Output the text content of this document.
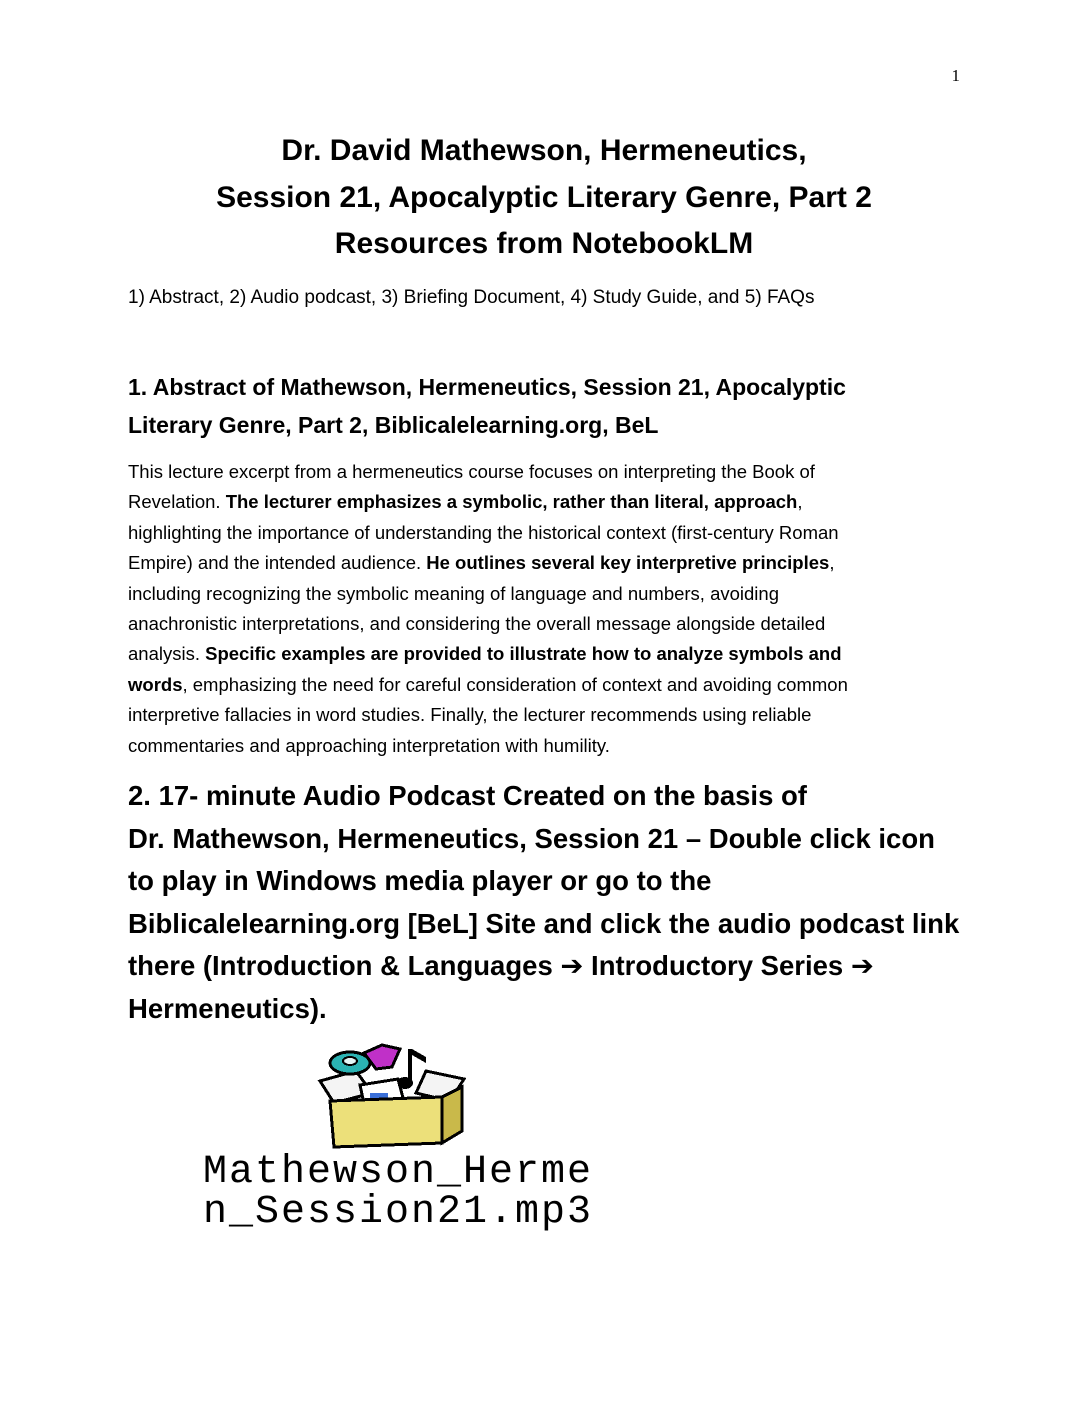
1
Dr. David Mathewson, Hermeneutics,
Session 21, Apocalyptic Literary Genre, Part 2
Resources from NotebookLM
1) Abstract, 2) Audio podcast, 3) Briefing Document, 4) Study Guide, and 5) FAQs
1. Abstract of Mathewson, Hermeneutics, Session 21, Apocalyptic
Literary Genre, Part 2, Biblicalelearning.org, BeL
This lecture excerpt from a hermeneutics course focuses on interpreting the Book of
Revelation. The lecturer emphasizes a symbolic, rather than literal, approach,
highlighting the importance of understanding the historical context (first-century Roman
Empire) and the intended audience. He outlines several key interpretive principles,
including recognizing the symbolic meaning of language and numbers, avoiding
anachronistic interpretations, and considering the overall message alongside detailed
analysis. Specific examples are provided to illustrate how to analyze symbols and
words, emphasizing the need for careful consideration of context and avoiding common
interpretive fallacies in word studies. Finally, the lecturer recommends using reliable
commentaries and approaching interpretation with humility.
2. 17- minute Audio Podcast Created on the basis of
Dr. Mathewson, Hermeneutics, Session 21 – Double click icon
to play in Windows media player or go to the
Biblicalelearning.org [BeL] Site and click the audio podcast link
there (Introduction & Languages ➔ Introductory Series ➔
Hermeneutics).
Mathewson_Herme
n_Session21.mp3
